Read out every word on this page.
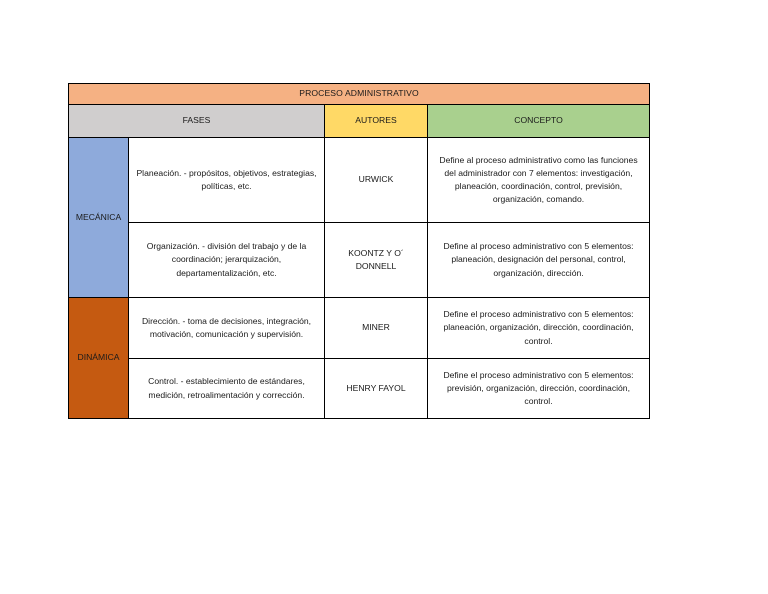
PROCESO ADMINISTRATIVO			
FASES		AUTORES	CONCEPTO
MECÁNICA	Planeación. - propósitos, objetivos, estrategias, políticas, etc.	URWICK	Define al proceso administrativo como las funciones del administrador con 7 elementos: investigación, planeación, coordinación, control, previsión, organización, comando.
	Organización. - división del trabajo y de la coordinación; jerarquización, departamentalización, etc.	KOONTZ Y O´ DONNELL	Define al proceso administrativo con 5 elementos: planeación, designación del personal, control, organización, dirección.
DINÁMICA	Dirección. - toma de decisiones, integración, motivación, comunicación y supervisión.	MINER	Define el proceso administrativo con 5 elementos: planeación, organización, dirección, coordinación, control.
	Control. - establecimiento de estándares, medición, retroalimentación y corrección.	HENRY FAYOL	Define el proceso administrativo con 5 elementos: previsión, organización, dirección, coordinación, control.
